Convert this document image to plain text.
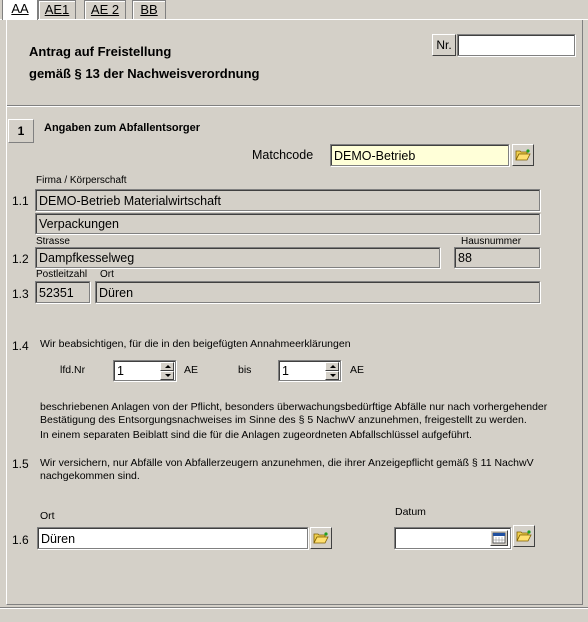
AA	AE1	AE 2	BB
Antrag auf Freistellung
gemäß § 13 der Nachweisverordnung
Nr.
1	Angaben zum Abfallentsorger
Matchcode	DEMO-Betrieb
Firma / Körperschaft
1.1 DEMO-Betrieb Materialwirtschaft
Verpackungen
Strasse	Hausnummer
1.2 Dampfkesselweg	88
Postleitzahl Ort
1.3 52351	Düren
1.4 Wir beabsichtigen, für die in den beigefügten Annahmeerklärungen
lfd.Nr	1	AE	bis	1	AE
beschriebenen Anlagen von der Pflicht, besonders überwachungsbedürftige Abfälle nur nach vorhergehender
Bestätigung des Entsorgungsnachweises im Sinne des § 5 NachwV anzunehmen, freigestellt zu werden.
In einem separaten Beiblatt sind die für die Anlagen zugeordneten Abfallschlüssel aufgeführt.
1.5 Wir versichern, nur Abfälle von Abfallerzeugern anzunehmen, die ihrer Anzeigepflicht gemäß § 11 NachwV
nachgekommen sind.
Ort	Datum
1.6 Düren
